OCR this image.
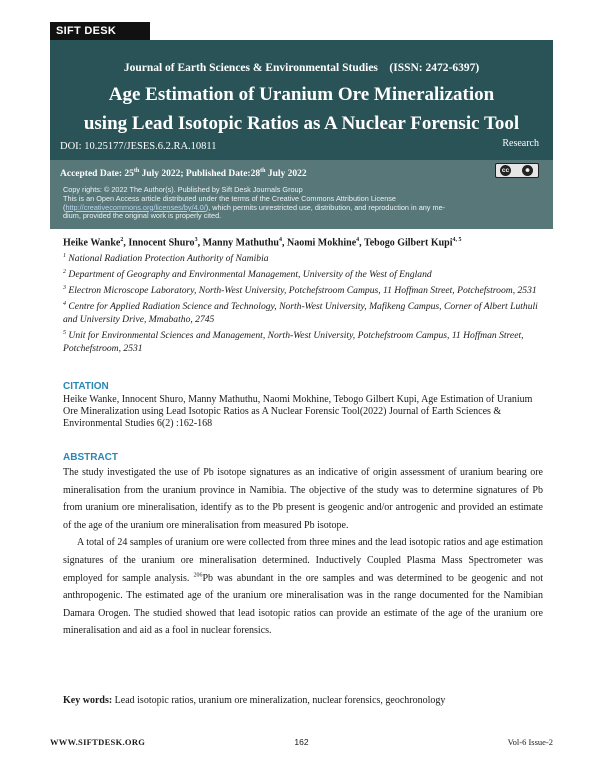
SIFT DESK
Journal of Earth Sciences & Environmental Studies (ISSN: 2472-6397)
Age Estimation of Uranium Ore Mineralization
using Lead Isotopic Ratios as A Nuclear Forensic Tool
DOI: 10.25177/JESES.6.2.RA.10811	Research
Accepted Date: 25th July 2022; Published Date:28th July 2022	cc	☻
Copy rights: © 2022 The Author(s). Published by Sift Desk Journals Group
This is an Open Access article distributed under the terms of the Creative Commons Attribution License
(http://creativecommons.org/licenses/by/4.0/), which permits unrestricted use, distribution, and reproduction in any me-
dium, provided the original work is properly cited.
Heike Wanke$^2$, Innocent Shuro$^3$, Manny Mathuthu$^4$, Naomi Mokhine$^4$, Tebogo Gilbert Kupi$^{4, 5}$
$^1$ National Radiation Protection Authority of Namibia
$^2$ Department of Geography and Environmental Management, University of the West of England
$^3$ Electron Microscope Laboratory, North-West University, Potchefstroom Campus, 11 Hoffman Street, Potchefstroom, 2531
$^4$ Centre for Applied Radiation Science and Technology, North-West University, Mafikeng Campus, Corner of Albert Luthuli and University Drive, Mmabatho, 2745
$^5$ Unit for Environmental Sciences and Management, North-West University, Potchefstroom Campus, 11 Hoffman Street, Potchefstroom, 2531
CITATION
Heike Wanke, Innocent Shuro, Manny Mathuthu, Naomi Mokhine, Tebogo Gilbert Kupi, Age Estimation of Uranium Ore Mineralization using Lead Isotopic Ratios as A Nuclear Forensic Tool(2022) Journal of Earth Sciences & Environmental Studies 6(2) :162-168
ABSTRACT

The study investigated the use of Pb isotope signatures as an indicative of origin assessment of uranium bearing ore mineralisation from the uranium province in Namibia. The objective of the study was to determine signatures of Pb from uranium ore mineralisation, identify as to the Pb present is geogenic and/or antrogenic and provided an estimate of the age of the uranium ore mineralisation from measured Pb isotope.

A total of 24 samples of uranium ore were collected from three mines and the lead isotopic ratios and age estimation signatures of the uranium ore mineralisation determined. Inductively Coupled Plasma Mass Spectrometer was employed for sample analysis. $^{206}$Pb was abundant in the ore samples and was determined to be geogenic and not anthropogenic. The estimated age of the uranium ore mineralisation was in the range documented for the Namibian Damara Orogen. The studied showed that lead isotopic ratios can provide an estimate of the age of the uranium ore mineralisation and aid as a fool in nuclear forensics.

Key words: Lead isotopic ratios, uranium ore mineralization, nuclear forensics, geochronology
162
WWW.SIFTDESK.ORG	Vol-6 Issue-2
